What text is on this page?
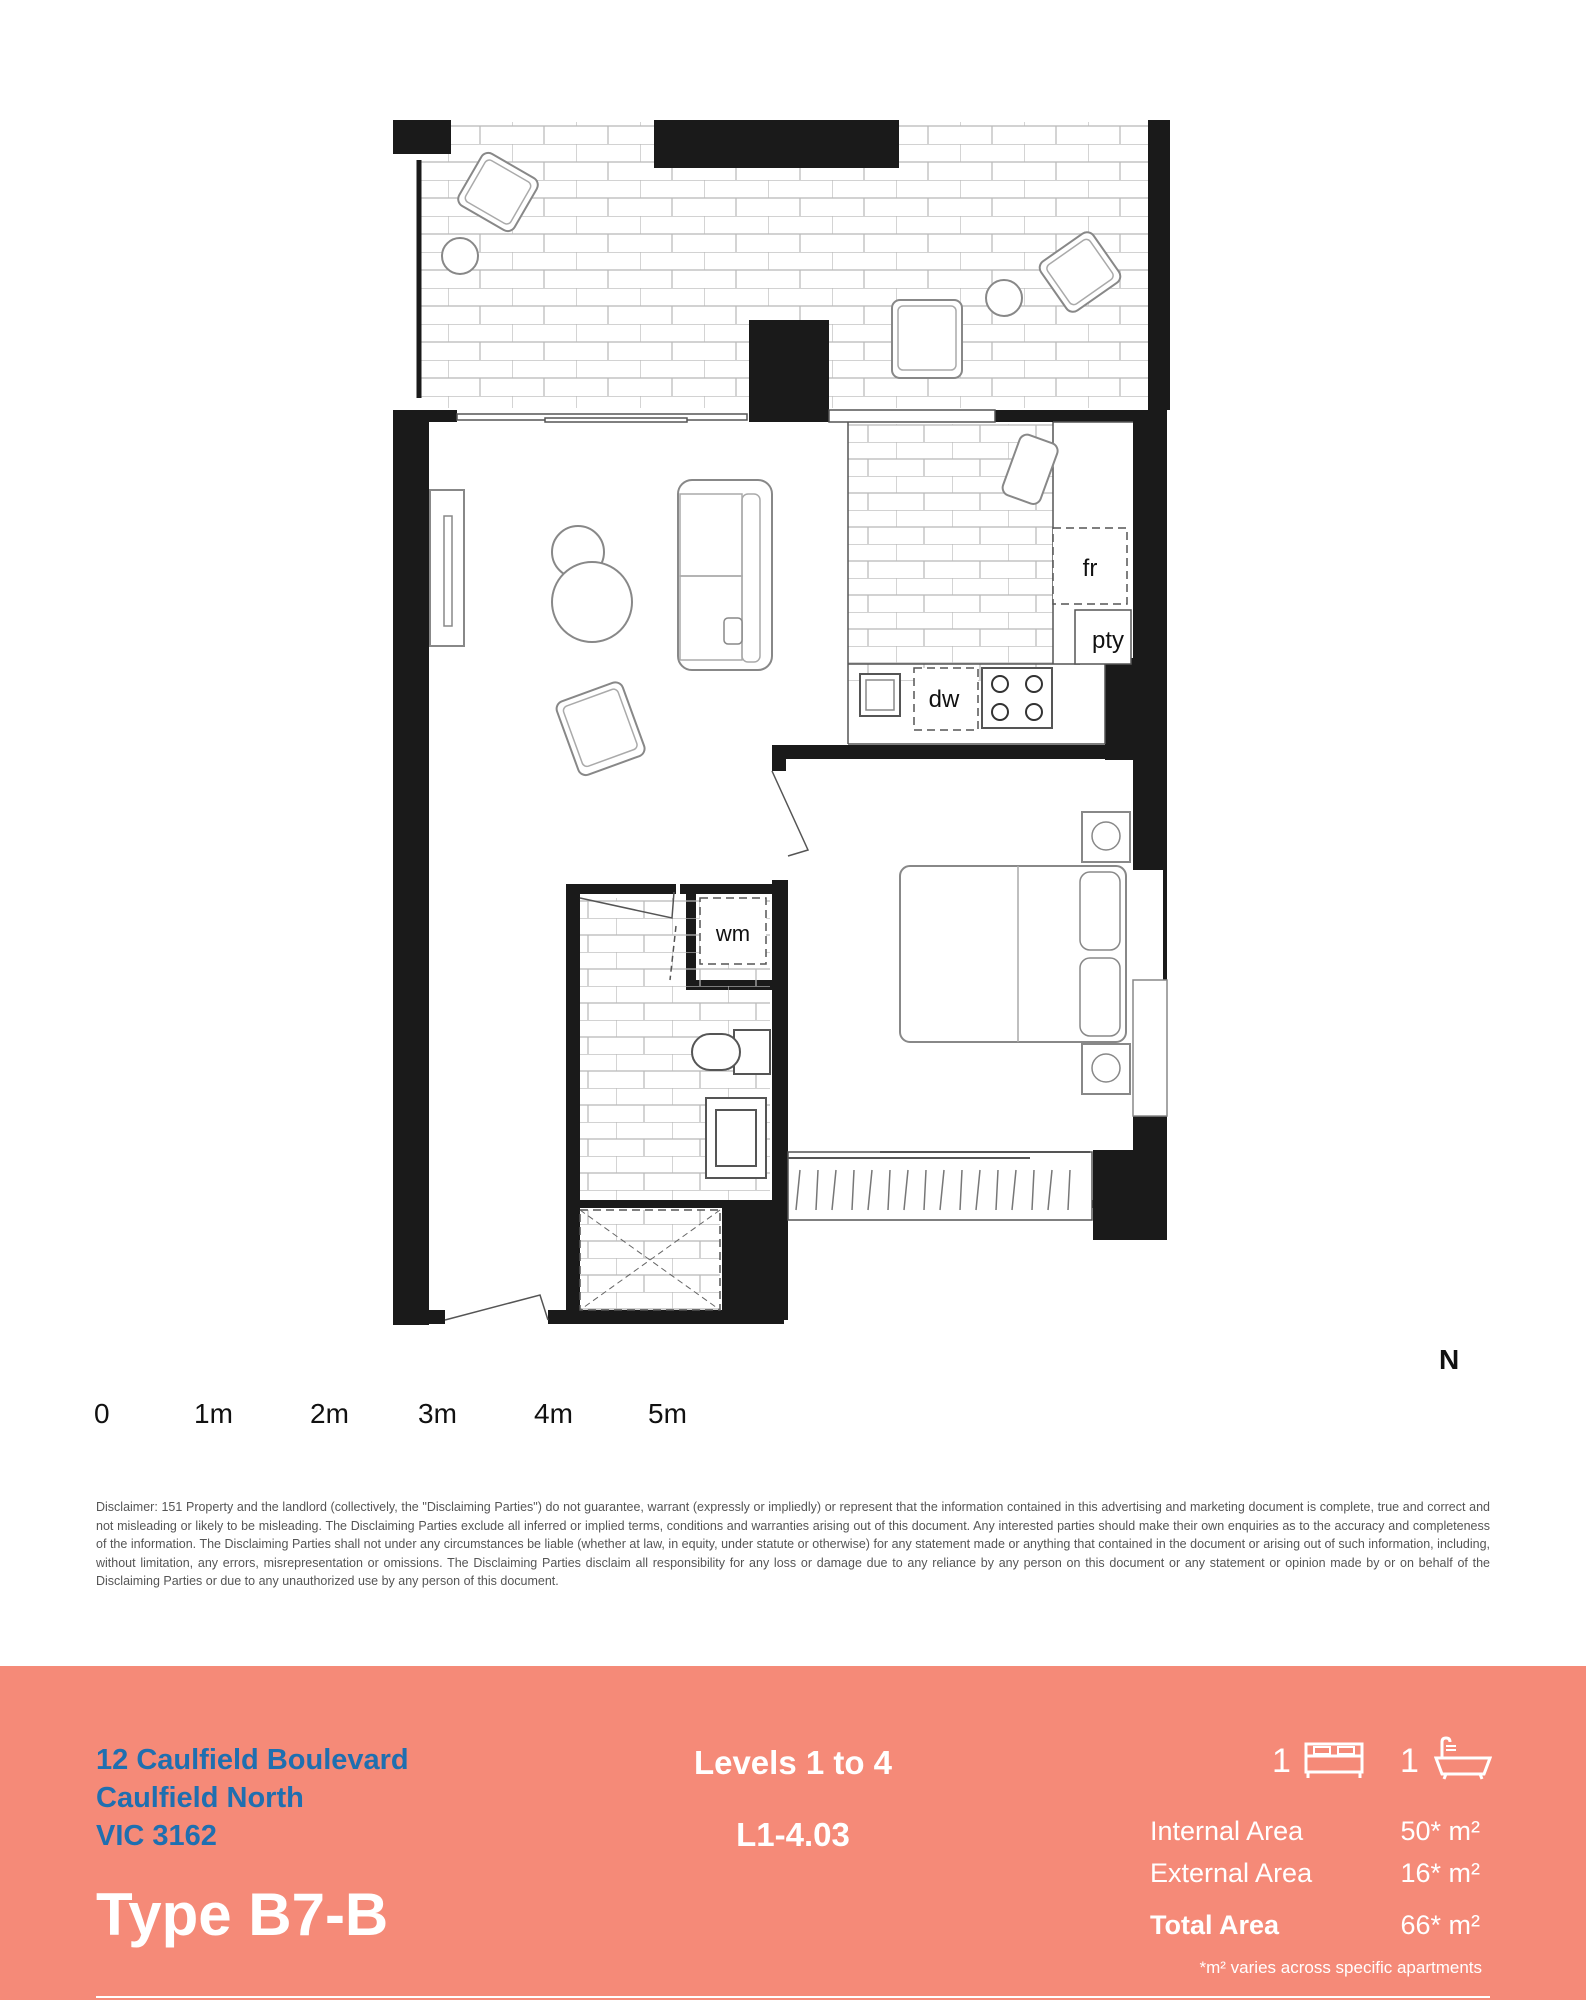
fr
pty
dw
wm
0	1m	2m 3m	4m	5m
N
Disclaimer: 151 Property and the landlord (collectively, the "Disclaiming Parties") do not guarantee, warrant (expressly or impliedly) or represent that the information contained in this advertising and marketing document is complete, true and correct and not misleading or likely to be misleading. The Disclaiming Parties exclude all inferred or implied terms, conditions and warranties arising out of this document. Any interested parties should make their own enquiries as to the accuracy and completeness of the information. The Disclaiming Parties shall not under any circumstances be liable (whether at law, in equity, under statute or otherwise) for any statement made or anything that contained in the document or arising out of such information, including, without limitation, any errors, misrepresentation or omissions. The Disclaiming Parties disclaim all responsibility for any loss or damage due to any reliance by any person on this document or any statement or opinion made by or on behalf of the Disclaiming Parties or due to any unauthorized use by any person of this document.
12 Caulfield Boulevard
Caulfield North
VIC 3162
Type B7-B
Levels 1 to 4
L1-4.03
1	1
Internal Area	50* m²
External Area	16* m²
Total Area	66* m²
*m² varies across specific apartments
